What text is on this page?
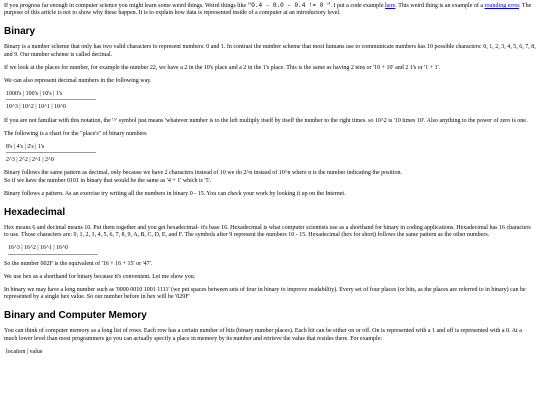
If you progress far enough in computer science you might learn some weird things. Weird things like "0.4 - 0.0 - 0.4 != 0 ". I put a code example here. This weird thing is an example of a rounding error. The purpose of this article is not to show why these happen. It is to explain how data is represented inside of a computer at an introductory level.

Binary

Binary is a number scheme that only has two valid characters to represent numbers: 0 and 1. In contrast the number scheme that most humans use to communicate numbers has 10 possible characters: 0, 1, 2, 3, 4, 5, 6, 7, 8, and 9. Our number scheme is called decimal.

If we look at the places for number, for example the number 22, we have a 2 in the 10's place and a 2 in the 1's place. This is the same as having 2 tens or '10 + 10' and 2 1's or '1 + 1'.

We can also represent decimal numbers in the following way.

1000's | 100's | 10's | 1's
10^3 | 10^2 | 10^1 | 10^0

If you are not familiar with this notation, the '^' symbol just means 'whatever number is to the left multiply itself by itself the number to the right times. so 10^2 is '10 times 10'. Also anything to the power of zero is one.

The following is a chart for the "place's" of binary numbers

8's | 4's | 2's | 1's
2^3 | 2^2 | 2^1 | 2^0

Binary follows the same pattern as decimal, only because we have 2 characters instead of 10 we do 2^n instead of 10^n where n is the number indicating the position.
So if we have the number 0101 in binary that would be the same as '4 + 1' which is '5'.

Binary follows a pattern. As an exercise try writing all the numbers in binary 0 - 15. You can check your work by looking it up on the Internet.

Hexadecimal

Hex means 6 and decimal means 10. Put them together and you get hexadecimal- it's base 16. Hexadecimal is what computer scientists use as a shorthand for binary in coding applications. Hexadecimal has 16 characters to use. Those characters are: 0, 1, 2, 3, 4, 5, 6, 7, 8, 9, A, B, C, D, E, and F. The symbols after 9 represent the numbers 10 - 15. Hexadecimal (hex for short) follows the same pattern as the other numbers.

16^3 | 16^2 | 16^1 | 16^0

So the number 002F is the equivalent of '16 + 16 + 15' or '47'.

We use hex as a shorthand for binary because it's convenient. Let me show you.

In binary we may have a long number such as '0000 0010 1001 1111' (we put spaces between sets of four in binary to improve readability). Every set of four places (or bits, as the places are referred to in binary) can be represented by a single hex value. So our number before in hex will be '029F'

Binary and Computer Memory

You can think of computer memory as a long list of rows. Each row has a certain number of bits (binary number places). Each bit can be either on or off. On is represented with a 1 and off is represented with a 0. At a much lower level than most programmers go you can actually specify a place in memory by its number and retrieve the value that resides there. For example:

location | value
